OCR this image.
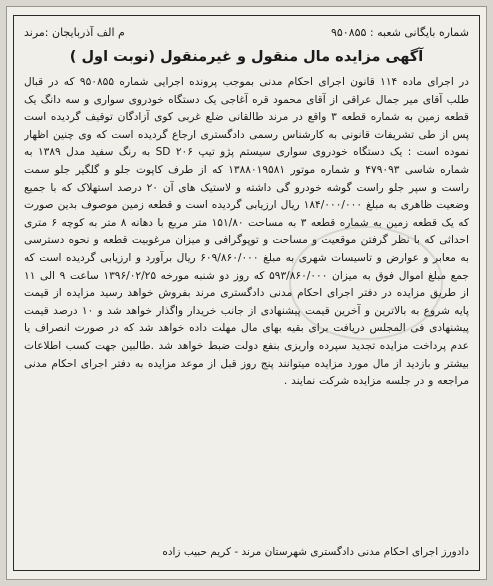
شماره بایگانی شعبه : ۹۵۰۸۵۵
م الف آذربایجان :مرند
آگهی مزایده مال منقول و غیرمنقول (نوبت اول )

در اجرای ماده ۱۱۴ قانون اجرای احکام مدنی بموجب پرونده اجرایی شماره ۹۵۰۸۵۵ که در قبال طلب آقای میر جمال عراقی از آقای محمود قره آغاجی یک دستگاه خودروی سواری و سه دانگ یک قطعه زمین به شماره قطعه ۳ واقع در مرند طالقانی ضلع غربی کوی آزادگان توقیف گردیده است پس از طی تشریفات قانونی به کارشناس رسمی دادگستری ارجاع گردیده است که وی چنین اظهار نموده است : یک دستگاه خودروی سواری سیستم پژو تیپ ۲۰۶ SD به رنگ سفید مدل ۱۳۸۹ به شماره شاسی ۴۷۹۰۹۳ و شماره موتور ۱۳۸۸۰۱۹۵۸۱ که از طرف کاپوت جلو و گلگیر جلو سمت راست و سپر جلو راست گوشه خودرو گی داشته و لاستیک های آن ۲۰ درصد استهلاک که با جمیع وضعیت ظاهری به مبلغ ۱۸۴/۰۰۰/۰۰۰ ریال ارزیابی گردیده است و قطعه زمین موصوف بدین صورت که یک قطعه زمین به شماره قطعه ۳ به مساحت ۱۵۱/۸۰ متر مربع با دهانه ۸ متر به کوچه ۶ متری احداثی که با نظر گرفتن موقعیت و مساحت و توپوگرافی و میزان مرغوبیت قطعه و نحوه دسترسی به معابر و عوارض و تاسیسات شهری به مبلغ ۶۰۹/۸۶۰/۰۰۰ ریال برآورد و ارزیابی گردیده است که جمع مبلغ اموال فوق به میزان ۵۹۳/۸۶۰/۰۰۰ که روز دو شنبه مورخه ۱۳۹۶/۰۲/۲۵ ساعت ۹ الی ۱۱ از طریق مزایده در دفتر اجرای احکام مدنی دادگستری مرند بفروش خواهد رسید مزایده از قیمت پایه شروع به بالاترین و آخرین قیمت پیشنهادی از جانب خریدار واگذار خواهد شد و ۱۰ درصد قیمت پیشنهادی فی المجلس دریافت برای بقیه بهای مال مهلت داده خواهد شد که در صورت انصراف یا عدم پرداخت مزایده تجدید سپرده واریزی بنفع دولت ضبط خواهد شد .طالبین جهت کسب اطلاعات بیشتر و بازدید از مال مورد مزایده میتوانند پنج روز قبل از موعد مزایده به دفتر اجرای احکام مدنی مراجعه و در جلسه مزایده شرکت نمایند .

دادورز اجرای احکام مدنی دادگستری شهرستان مرند - کریم حبیب زاده
